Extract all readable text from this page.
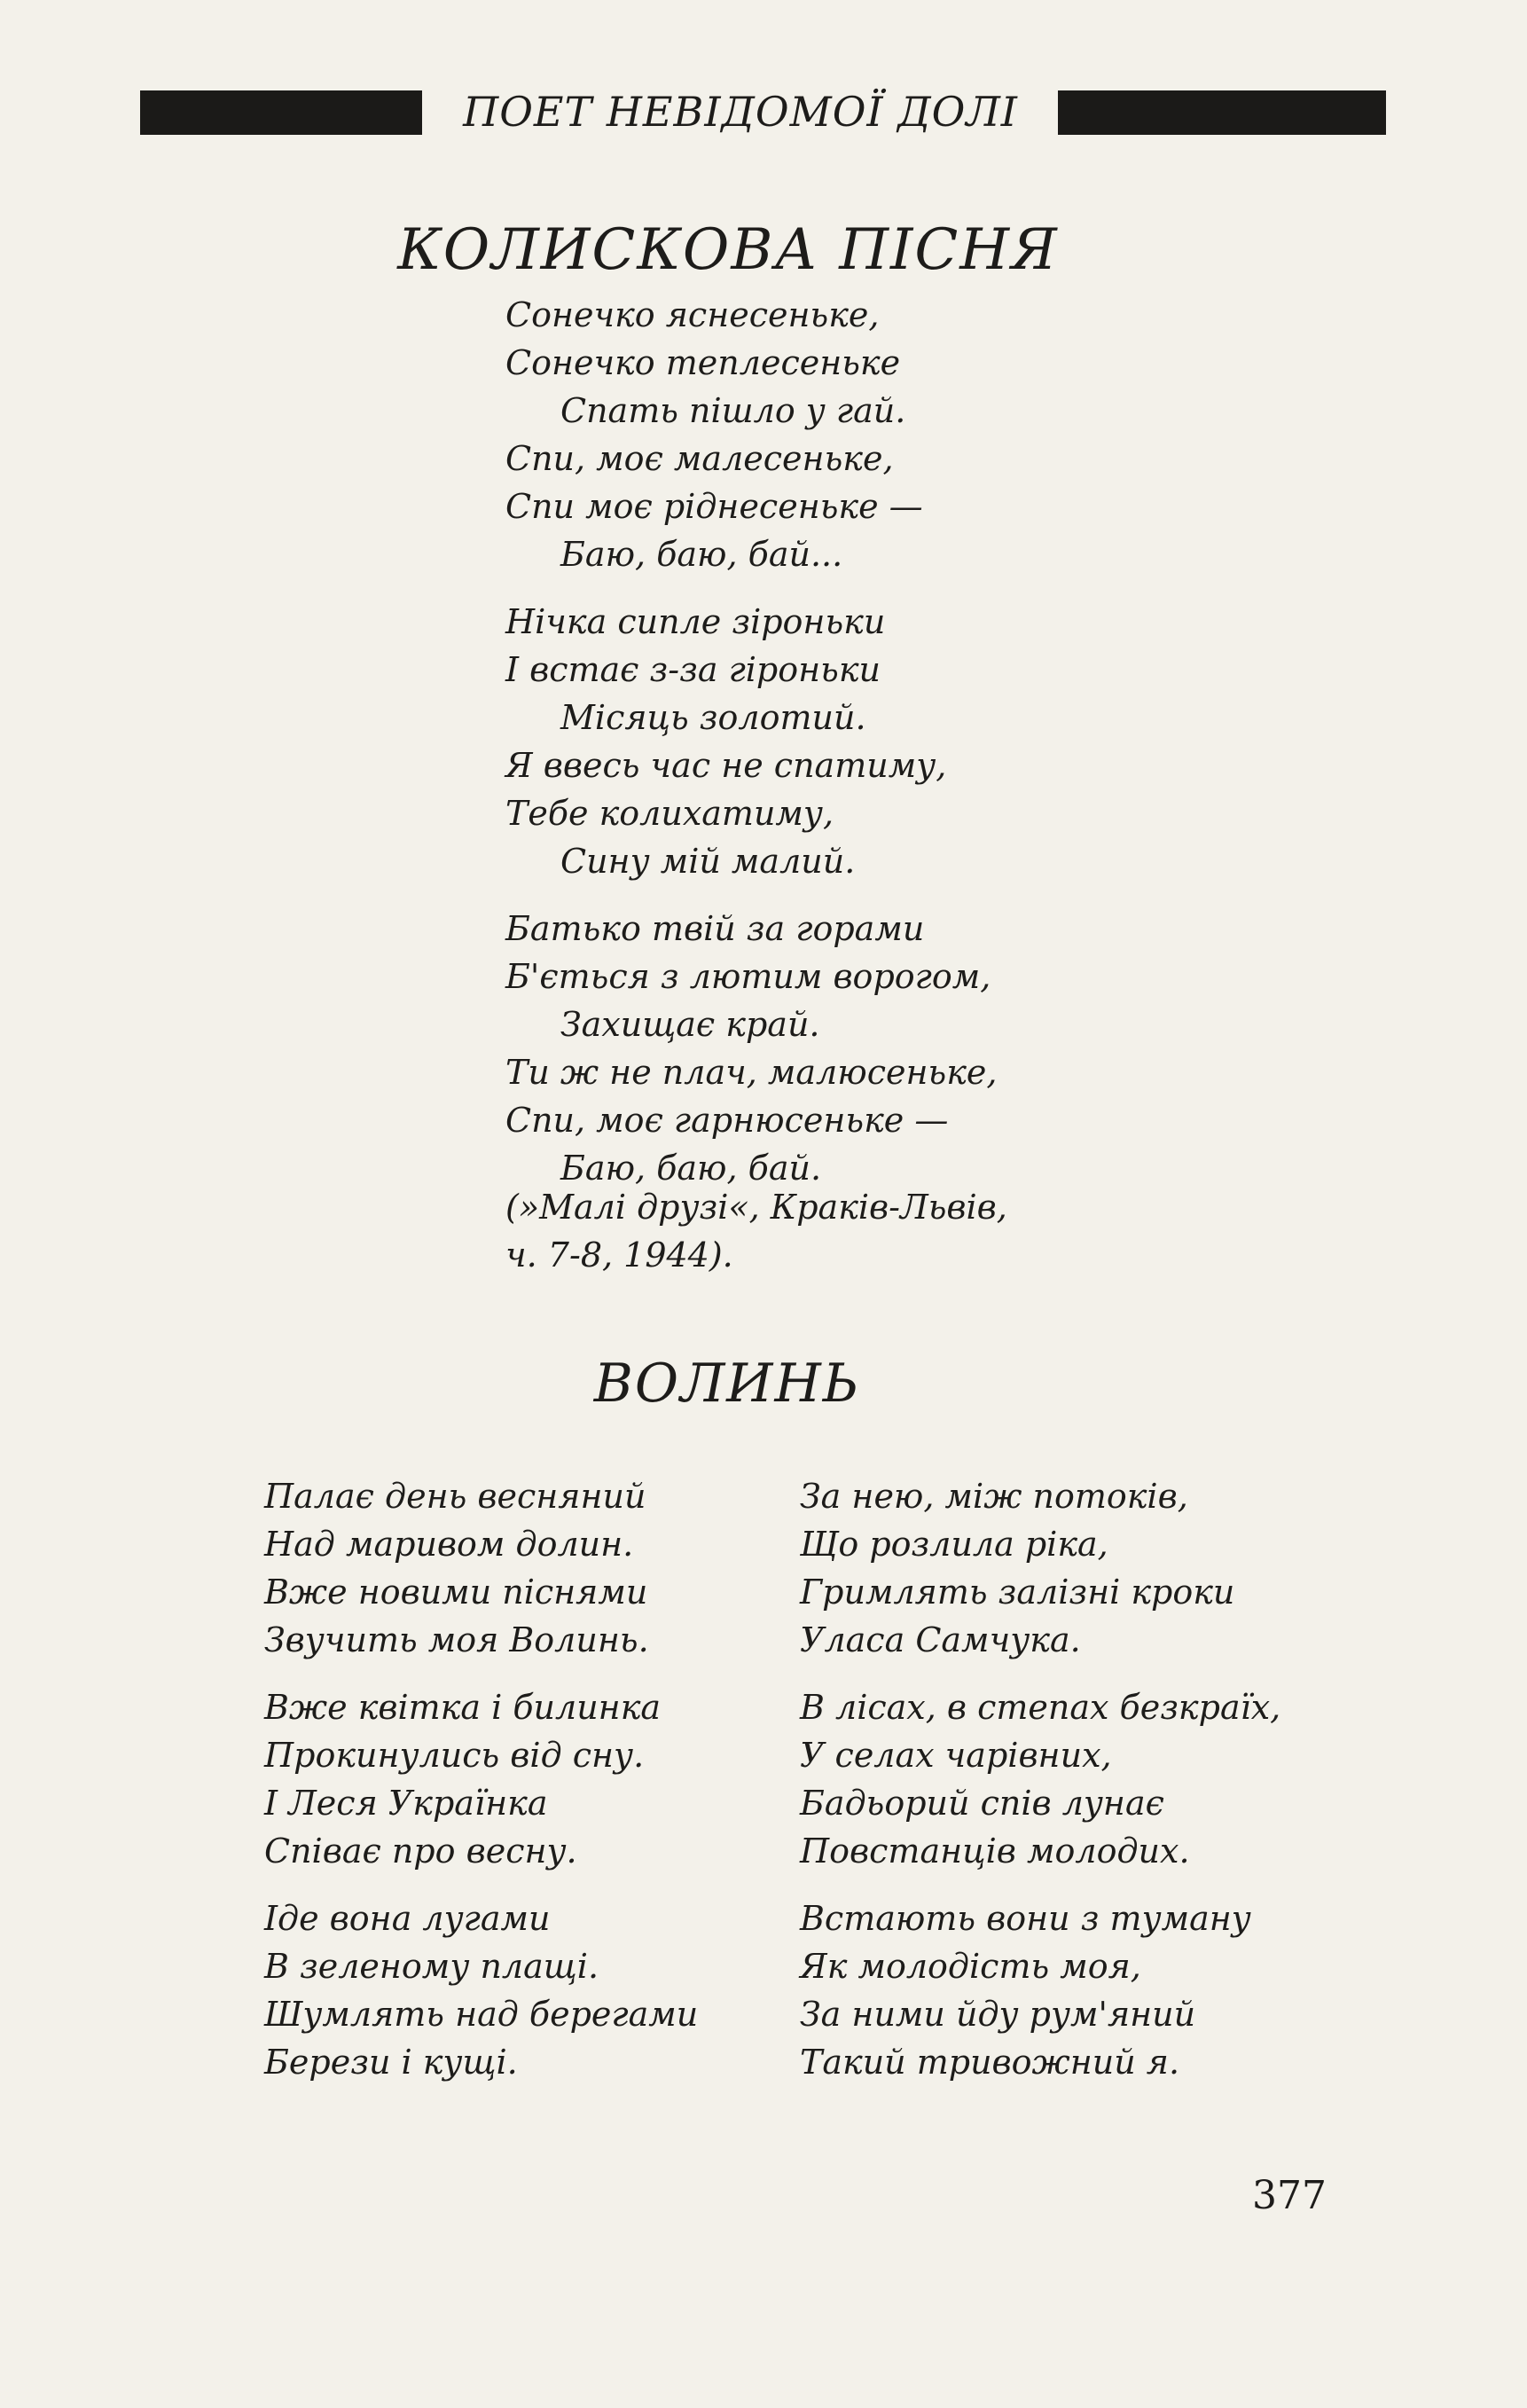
ПОЕТ НЕВІДОМОЇ ДОЛІ
КОЛИСКОВА ПІСНЯ
Сонечко яснесеньке,
Сонечко теплесеньке
Спать пішло у гай.
Спи, моє малесеньке,
Спи моє ріднесеньке —
Баю, баю, бай...
Нічка сипле зіроньки
І встає з-за гіроньки
Місяць золотий.
Я ввесь час не спатиму,
Тебе колихатиму,
Сину мій малий.
Батько твій за горами
Б'ється з лютим ворогом,
Захищає край.
Ти ж не плач, малюсеньке,
Спи, моє гарнюсеньке —
Баю, баю, бай.
(»Малі друзі«, Краків-Львів,
ч. 7-8, 1944).
ВОЛИНЬ
Палає день весняний
Над маривом долин.
Вже новими піснями
Звучить моя Волинь.
Вже квітка і билинка
Прокинулись від сну.
І Леся Українка
Співає про весну.
Іде вона лугами
В зеленому плащі.
Шумлять над берегами
Берези і кущі.
За нею, між потоків,
Що розлила ріка,
Гримлять залізні кроки
Уласа Самчука.
В лісах, в степах безкраїх,
У селах чарівних,
Бадьорий спів лунає
Повстанців молодих.
Встають вони з туману
Як молодість моя,
За ними йду рум'яний
Такий тривожний я.
377
